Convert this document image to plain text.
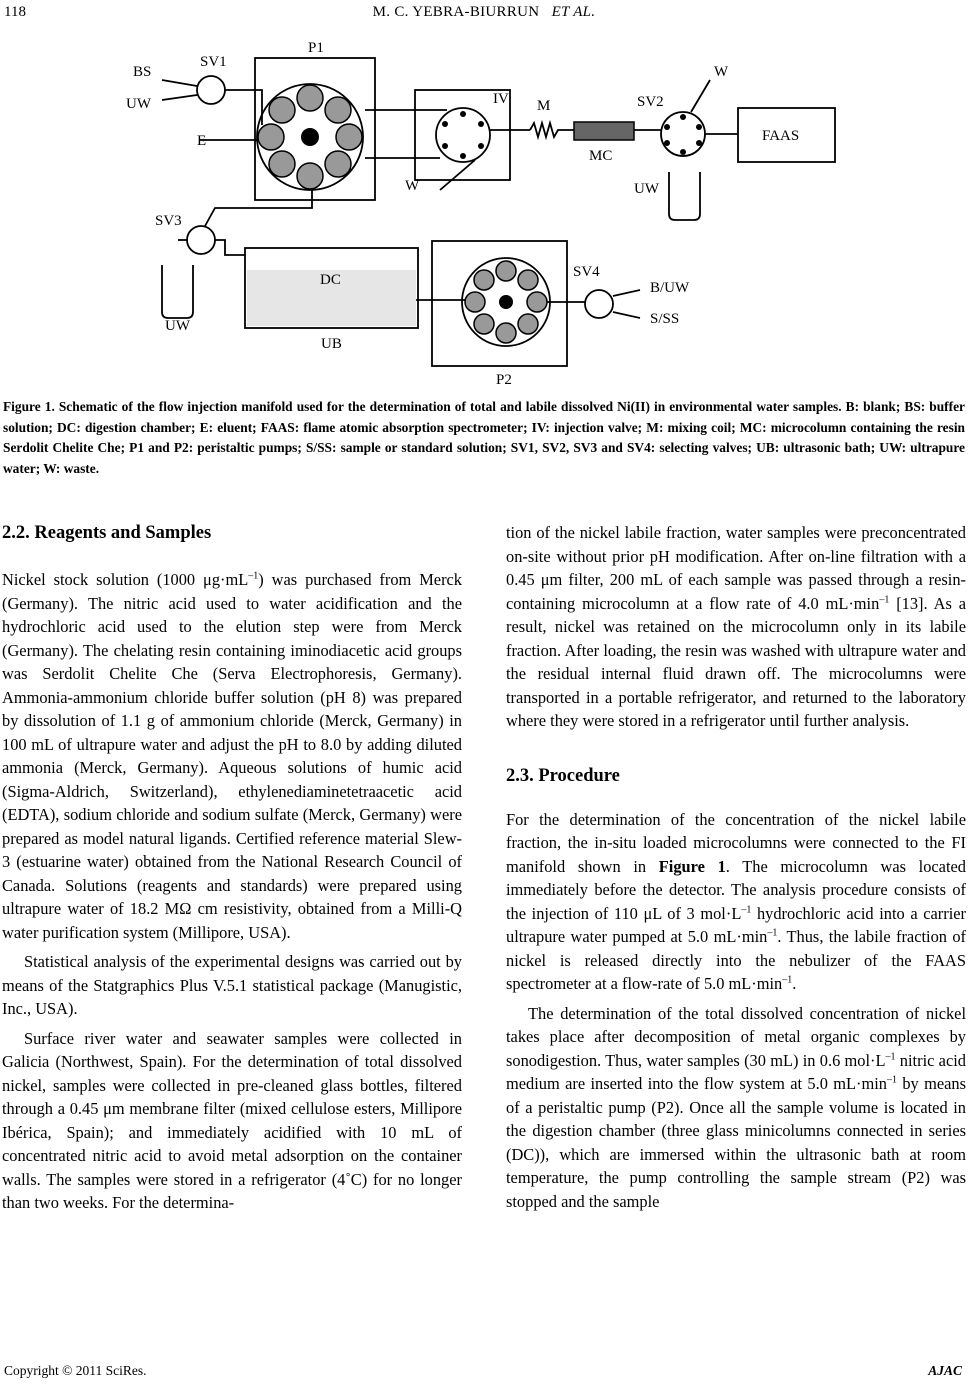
118	M. C. YEBRA-BIURRUN ET AL.
BS
UW
SV1
P1
E
IV M
MC
SV2
W
FAAS
UW
W
SV3
DC
UB
UW
P2
SV4
B/UW
S/SS
Figure 1. Schematic of the flow injection manifold used for the determination of total and labile dissolved Ni(II) in environmental water samples. B: blank; BS: buffer solution; DC: digestion chamber; E: eluent; FAAS: flame atomic absorption spectrometer; IV: injection valve; M: mixing coil; MC: microcolumn containing the resin Serdolit Chelite Che; P1 and P2: peristaltic pumps; S/SS: sample or standard solution; SV1, SV2, SV3 and SV4: selecting valves; UB: ultrasonic bath; UW: ultrapure water; W: waste.
2.2. Reagents and Samples

Nickel stock solution (1000 $\mu g\cdot mL^{-1}$) was purchased from Merck (Germany). The nitric acid used to water acidification and the hydrochloric acid used to the elution step were from Merck (Germany). The chelating resin containing iminodiacetic acid groups was Serdolit Chelite Che (Serva Electrophoresis, Germany). Ammonia-ammonium chloride buffer solution (pH 8) was prepared by dissolution of 1.1 g of ammonium chloride (Merck, Germany) in 100 mL of ultrapure water and adjust the pH to 8.0 by adding diluted ammonia (Merck, Germany). Aqueous solutions of humic acid (Sigma-Aldrich, Switzerland), ethylenediaminetetraacetic acid (EDTA), sodium chloride and sodium sulfate (Merck, Germany) were prepared as model natural ligands. Certified reference material Slew-3 (estuarine water) obtained from the National Research Council of Canada. Solutions (reagents and standards) were prepared using ultrapure water of 18.2 MΩ cm resistivity, obtained from a Milli-Q water purification system (Millipore, USA).

Statistical analysis of the experimental designs was carried out by means of the Statgraphics Plus V.5.1 statistical package (Manugistic, Inc., USA).

Surface river water and seawater samples were collected in Galicia (Northwest, Spain). For the determination of total dissolved nickel, samples were collected in pre-cleaned glass bottles, filtered through a 0.45 μm membrane filter (mixed cellulose esters, Millipore Ibérica, Spain); and immediately acidified with 10 mL of concentrated nitric acid to avoid metal adsorption on the container walls. The samples were stored in a refrigerator (4˚C) for no longer than two weeks. For the determina-

tion of the nickel labile fraction, water samples were preconcentrated on-site without prior pH modification. After on-line filtration with a 0.45 μm filter, 200 mL of each sample was passed through a resin-containing microcolumn at a flow rate of 4.0 $mL\cdot\min^{-1}$ [13]. As a result, nickel was retained on the microcolumn only in its labile fraction. After loading, the resin was washed with ultrapure water and the residual internal fluid drawn off. The microcolumns were transported in a portable refrigerator, and returned to the laboratory where they were stored in a refrigerator until further analysis.

2.3. Procedure

For the determination of the concentration of the nickel labile fraction, the in-situ loaded microcolumns were connected to the FI manifold shown in Figure 1. The microcolumn was located immediately before the detector. The analysis procedure consists of the injection of 110 μL of 3 $mol\cdot L^{-1}$ hydrochloric acid into a carrier ultrapure water pumped at 5.0 $mL\cdot\min^{-1}$. Thus, the labile fraction of nickel is released directly into the nebulizer of the FAAS spectrometer at a flow-rate of 5.0 $mL\cdot\min^{-1}$.

The determination of the total dissolved concentration of nickel takes place after decomposition of metal organic complexes by sonodigestion. Thus, water samples (30 mL) in 0.6 $mol\cdot L^{-1}$ nitric acid medium are inserted into the flow system at 5.0 $mL\cdot\min^{-1}$ by means of a peristaltic pump (P2). Once all the sample volume is located in the digestion chamber (three glass minicolumns connected in series (DC)), which are immersed within the ultrasonic bath at room temperature, the pump controlling the sample stream (P2) was stopped and the sample

Copyright © 2011 SciRes.	AJAC
